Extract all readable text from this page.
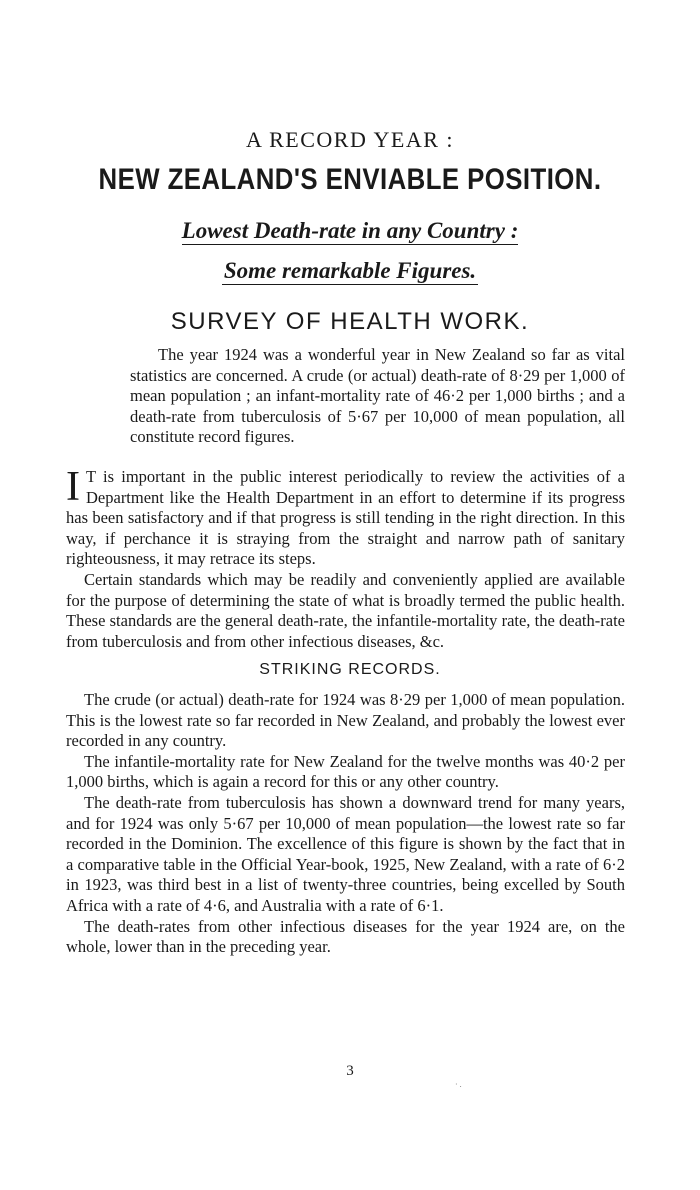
A RECORD YEAR :
NEW ZEALAND'S ENVIABLE POSITION.
Lowest Death-rate in any Country :
Some remarkable Figures.
SURVEY OF HEALTH WORK.
The year 1924 was a wonderful year in New Zealand so far as vital statistics are concerned. A crude (or actual) death-rate of 8·29 per 1,000 of mean population ; an infant-mortality rate of 46·2 per 1,000 births ; and a death-rate from tuberculosis of 5·67 per 10,000 of mean population, all constitute record figures.

I T is important in the public interest periodically to review the activities of a Department like the Health Department in an effort to determine if its progress has been satisfactory and if that progress is still tending in the right direction. In this way, if perchance it is straying from the straight and narrow path of sanitary righteousness, it may retrace its steps.

Certain standards which may be readily and conveniently applied are available for the purpose of determining the state of what is broadly termed the public health. These standards are the general death-rate, the infantile-mortality rate, the death-rate from tuberculosis and from other infectious diseases, &c.

STRIKING RECORDS.

The crude (or actual) death-rate for 1924 was 8·29 per 1,000 of mean population. This is the lowest rate so far recorded in New Zealand, and probably the lowest ever recorded in any country.

The infantile-mortality rate for New Zealand for the twelve months was 40·2 per 1,000 births, which is again a record for this or any other country.

The death-rate from tuberculosis has shown a downward trend for many years, and for 1924 was only 5·67 per 10,000 of mean population—the lowest rate so far recorded in the Dominion. The excellence of this figure is shown by the fact that in a comparative table in the Official Year-book, 1925, New Zealand, with a rate of 6·2 in 1923, was third best in a list of twenty-three countries, being excelled by South Africa with a rate of 4·6, and Australia with a rate of 6·1.

The death-rates from other infectious diseases for the year 1924 are, on the whole, lower than in the preceding year.

3
· .
